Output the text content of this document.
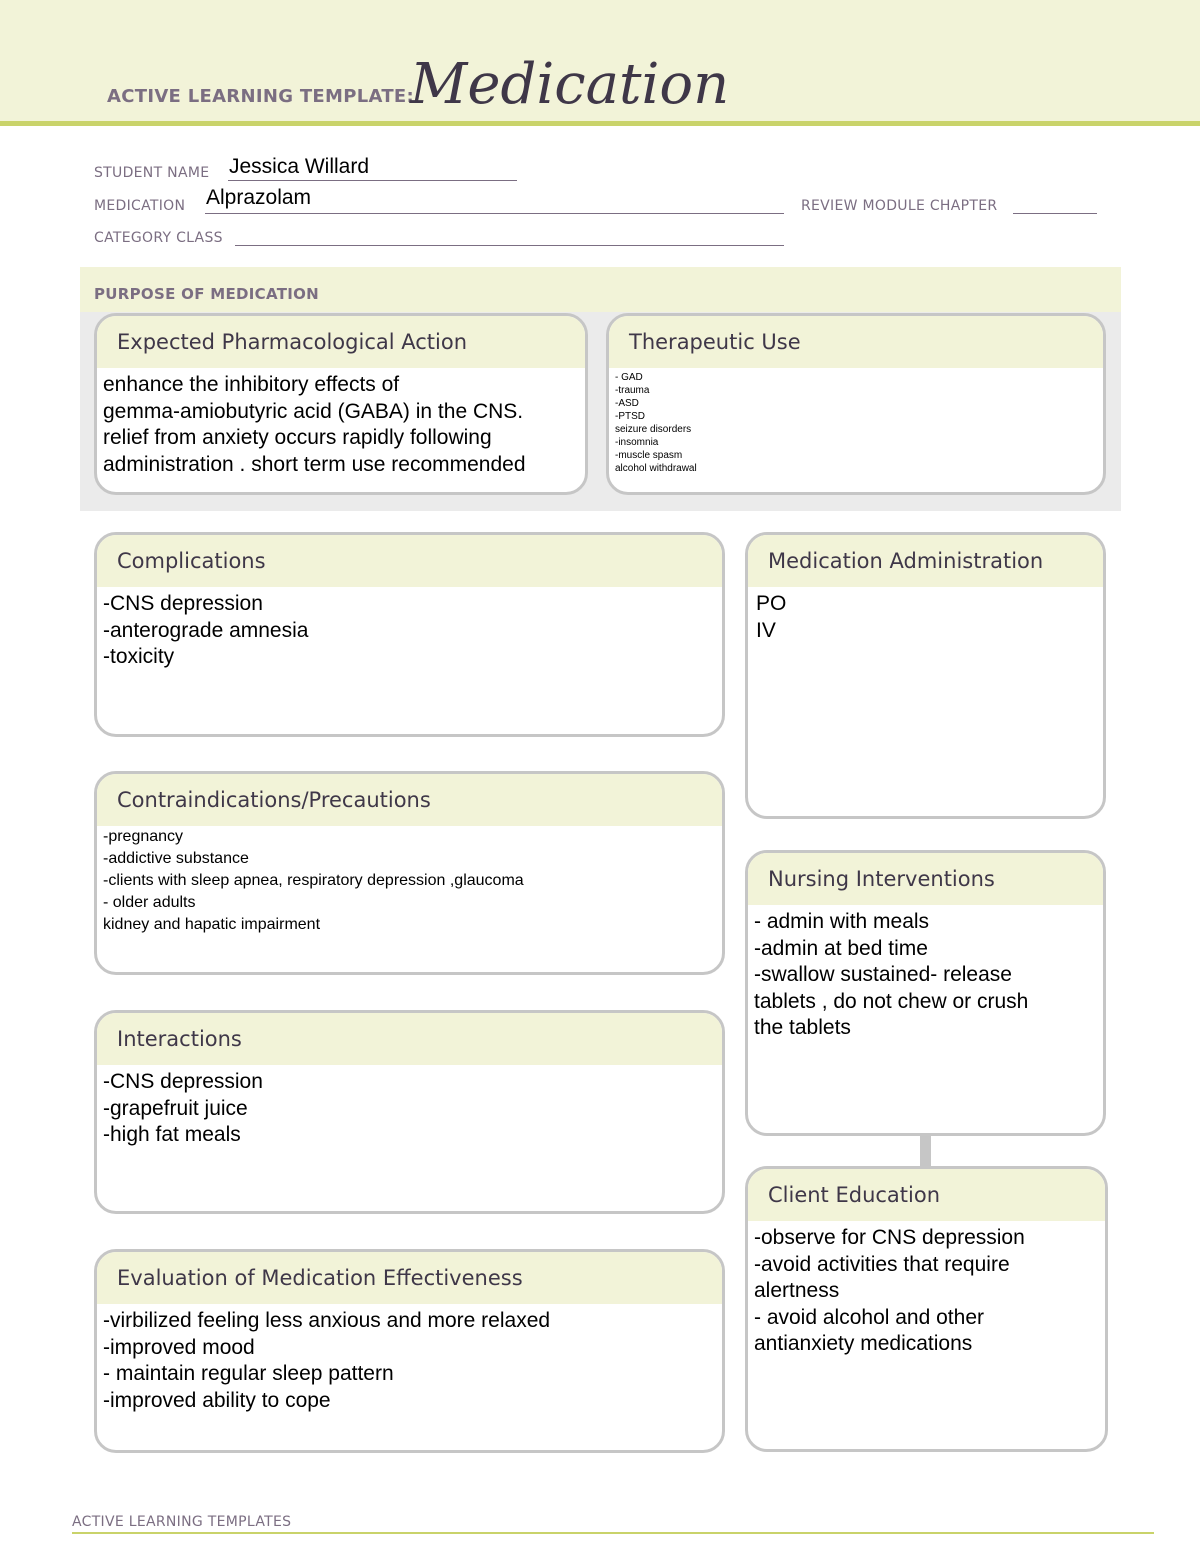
ACTIVE LEARNING TEMPLATE:
Medication
STUDENT NAME Jessica Willard
MEDICATION Alprazolam	REVIEW MODULE CHAPTER
CATEGORY CLASS
PURPOSE OF MEDICATION
Expected Pharmacological Action
enhance the inhibitory effects of
gemma-amiobutyric acid (GABA) in the CNS.
relief from anxiety occurs rapidly following
administration . short term use recommended
Therapeutic Use
- GAD
-trauma
-ASD
-PTSD
seizure disorders
-insomnia
-muscle spasm
alcohol withdrawal
Complications
-CNS depression
-anterograde amnesia
-toxicity
Medication Administration
PO
IV
Contraindications/Precautions
-pregnancy
-addictive substance
-clients with sleep apnea, respiratory depression ,glaucoma
- older adults
kidney and hapatic impairment
Nursing Interventions
- admin with meals
-admin at bed time
-swallow sustained- release
tablets , do not chew or crush
the tablets
Interactions
-CNS depression
-grapefruit juice
-high fat meals
Client Education
-observe for CNS depression
-avoid activities that require
alertness
- avoid alcohol and other
antianxiety medications
Evaluation of Medication Effectiveness
-virbilized feeling less anxious and more relaxed
-improved mood
- maintain regular sleep pattern
-improved ability to cope
ACTIVE LEARNING TEMPLATES
